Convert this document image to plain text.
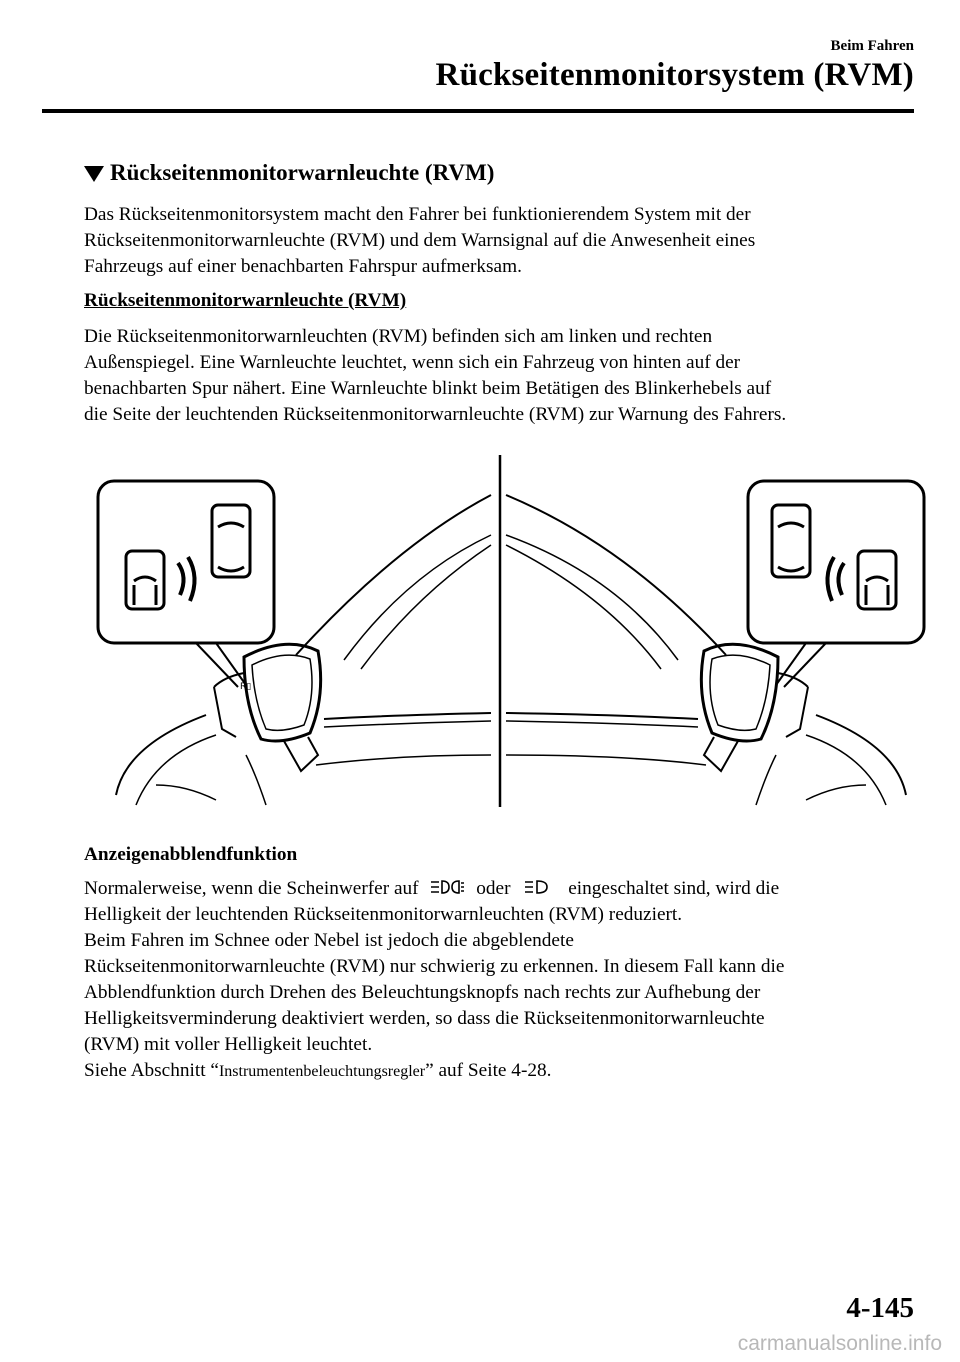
Beim Fahren
Rückseitenmonitorsystem (RVM)
Rückseitenmonitorwarnleuchte (RVM)
Das Rückseitenmonitorsystem macht den Fahrer bei funktionierendem System mit der
Rückseitenmonitorwarnleuchte (RVM) und dem Warnsignal auf die Anwesenheit eines
Fahrzeugs auf einer benachbarten Fahrspur aufmerksam.
Rückseitenmonitorwarnleuchte (RVM)
Die Rückseitenmonitorwarnleuchten (RVM) befinden sich am linken und rechten
Außenspiegel. Eine Warnleuchte leuchtet, wenn sich ein Fahrzeug von hinten auf der
benachbarten Spur nähert. Eine Warnleuchte blinkt beim Betätigen des Blinkerhebels auf
die Seite der leuchtenden Rückseitenmonitorwarnleuchte (RVM) zur Warnung des Fahrers.
R▯
Anzeigenabblendfunktion
Normalerweise, wenn die Scheinwerfer auf	oder	eingeschaltet sind, wird die
Helligkeit der leuchtenden Rückseitenmonitorwarnleuchten (RVM) reduziert.
Beim Fahren im Schnee oder Nebel ist jedoch die abgeblendete
Rückseitenmonitorwarnleuchte (RVM) nur schwierig zu erkennen. In diesem Fall kann die
Abblendfunktion durch Drehen des Beleuchtungsknopfs nach rechts zur Aufhebung der
Helligkeitsverminderung deaktiviert werden, so dass die Rückseitenmonitorwarnleuchte
(RVM) mit voller Helligkeit leuchtet.
Siehe Abschnitt “Instrumentenbeleuchtungsregler” auf Seite 4-28.
4-145
carmanualsonline.info
